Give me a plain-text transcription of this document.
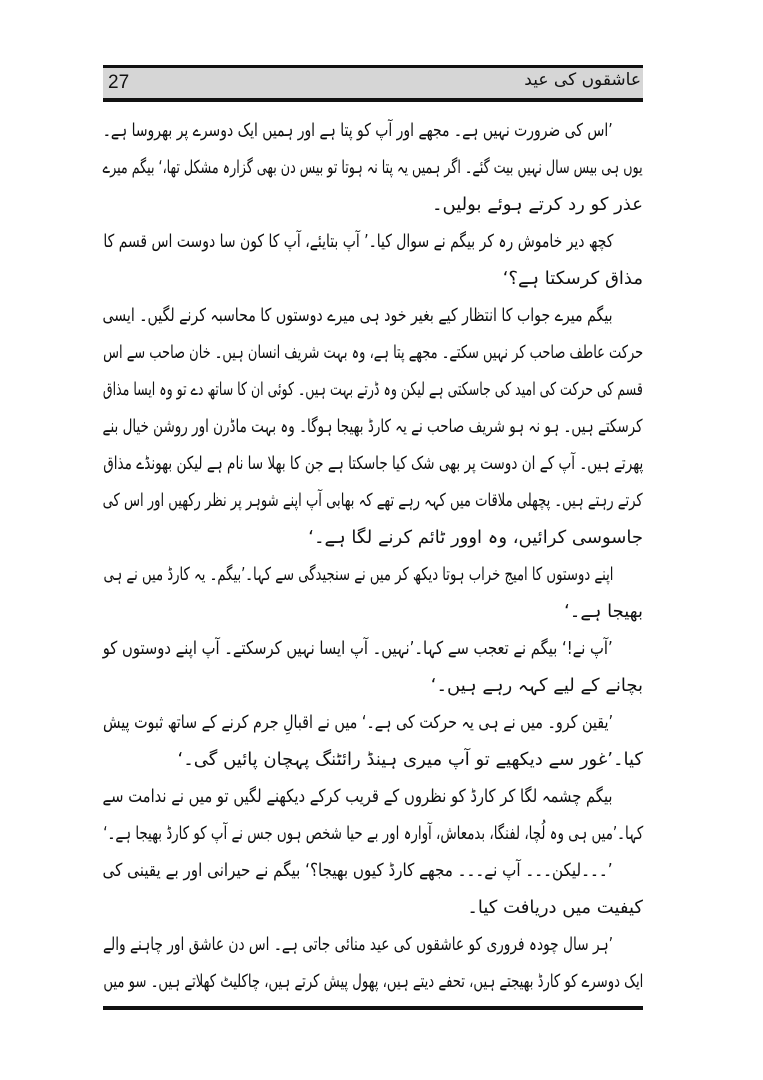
27	عاشقوں کی عید
’اس کی ضرورت نہیں ہے۔ مجھے اور آپ کو پتا ہے اور ہمیں ایک دوسرے پر بھروسا ہے۔
یوں ہی بیس سال نہیں بیت گئے۔ اگر ہمیں یہ پتا نہ ہوتا تو بیس دن بھی گزارہ مشکل تھا،‘ بیگم میرے
عذر کو رد کرتے ہوئے بولیں۔
کچھ دیر خاموش رہ کر بیگم نے سوال کیا۔’ آپ بتایئے، آپ کا کون سا دوست اس قسم کا
مذاق کرسکتا ہے؟‘
بیگم میرے جواب کا انتظار کیے بغیر خود ہی میرے دوستوں کا محاسبہ کرنے لگیں۔ ایسی
حرکت عاطف صاحب کر نہیں سکتے۔ مجھے پتا ہے، وہ بہت شریف انسان ہیں۔ خان صاحب سے اس
قسم کی حرکت کی امید کی جاسکتی ہے لیکن وہ ڈرتے بہت ہیں۔ کوئی ان کا ساتھ دے تو وہ ایسا مذاق
کرسکتے ہیں۔ ہو نہ ہو شریف صاحب نے یہ کارڈ بھیجا ہوگا۔ وہ بہت ماڈرن اور روشن خیال بنے
پھرتے ہیں۔ آپ کے ان دوست پر بھی شک کیا جاسکتا ہے جن کا بھلا سا نام ہے لیکن بھونڈے مذاق
کرتے رہتے ہیں۔ پچھلی ملاقات میں کہہ رہے تھے کہ بھابی آپ اپنے شوہر پر نظر رکھیں اور اس کی
جاسوسی کرائیں، وہ اوور ٹائم کرنے لگا ہے۔‘
اپنے دوستوں کا امیج خراب ہوتا دیکھ کر میں نے سنجیدگی سے کہا۔’بیگم۔ یہ کارڈ میں نے ہی
بھیجا ہے۔‘
’آپ نے!‘ بیگم نے تعجب سے کہا۔’نہیں۔ آپ ایسا نہیں کرسکتے۔ آپ اپنے دوستوں کو
بچانے کے لیے کہہ رہے ہیں۔‘
’یقین کرو۔ میں نے ہی یہ حرکت کی ہے۔‘ میں نے اقبالِ جرم کرنے کے ساتھ ثبوت پیش
کیا۔’غور سے دیکھیے تو آپ میری ہینڈ رائٹنگ پہچان پائیں گی۔‘
بیگم چشمہ لگا کر کارڈ کو نظروں کے قریب کرکے دیکھنے لگیں تو میں نے ندامت سے
کہا۔’میں ہی وہ لُچا، لفنگا، بدمعاش، آوارہ اور بے حیا شخص ہوں جس نے آپ کو کارڈ بھیجا ہے۔‘
’۔۔۔لیکن۔۔۔ آپ نے۔۔۔ مجھے کارڈ کیوں بھیجا؟‘ بیگم نے حیرانی اور بے یقینی کی
کیفیت میں دریافت کیا۔
’ہر سال چودہ فروری کو عاشقوں کی عید منائی جاتی ہے۔ اس دن عاشق اور چاہنے والے
ایک دوسرے کو کارڈ بھیجتے ہیں، تحفے دیتے ہیں، پھول پیش کرتے ہیں، چاکلیٹ کھلاتے ہیں۔ سو میں
